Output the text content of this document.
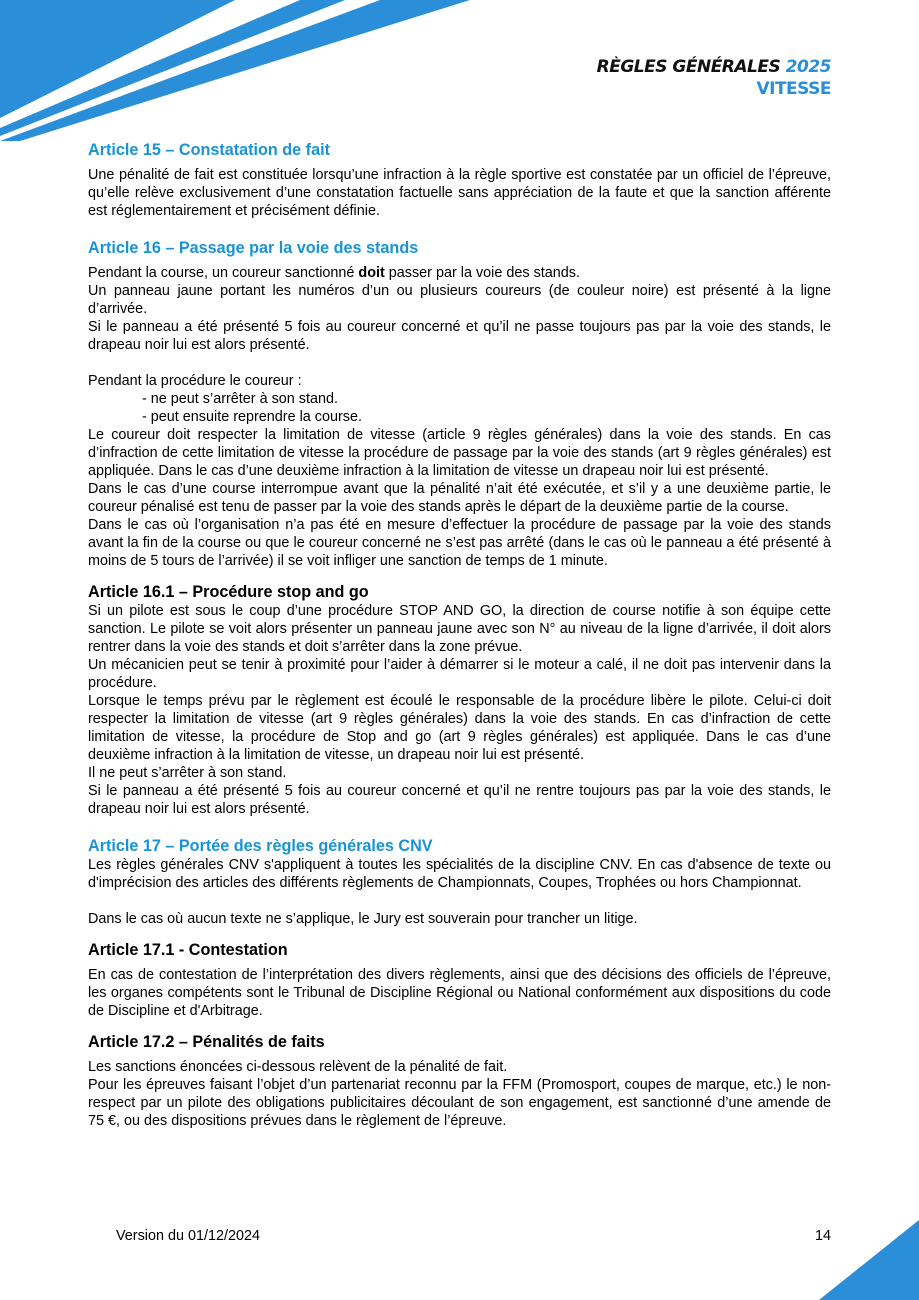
RÈGLES GÉNÉRALES 2025
VITESSE
Article 15 – Constatation de fait

Une pénalité de fait est constituée lorsqu’une infraction à la règle sportive est constatée par un officiel de l’épreuve, qu’elle relève exclusivement d’une constatation factuelle sans appréciation de la faute et que la sanction afférente est réglementairement et précisément définie.

Article 16 – Passage par la voie des stands

Pendant la course, un coureur sanctionné doit passer par la voie des stands.

Un panneau jaune portant les numéros d’un ou plusieurs coureurs (de couleur noire) est présenté à la ligne d’arrivée.

Si le panneau a été présenté 5 fois au coureur concerné et qu’il ne passe toujours pas par la voie des stands, le drapeau noir lui est alors présenté.

Pendant la procédure le coureur :

- ne peut s’arrêter à son stand.

- peut ensuite reprendre la course.

Le coureur doit respecter la limitation de vitesse (article 9 règles générales) dans la voie des stands. En cas d’infraction de cette limitation de vitesse la procédure de passage par la voie des stands (art 9 règles générales) est appliquée. Dans le cas d’une deuxième infraction à la limitation de vitesse un drapeau noir lui est présenté.

Dans le cas d’une course interrompue avant que la pénalité n’ait été exécutée, et s’il y a une deuxième partie, le coureur pénalisé est tenu de passer par la voie des stands après le départ de la deuxième partie de la course.

Dans le cas où l’organisation n’a pas été en mesure d’effectuer la procédure de passage par la voie des stands avant la fin de la course ou que le coureur concerné ne s’est pas arrêté (dans le cas où le panneau a été présenté à moins de 5 tours de l’arrivée) il se voit infliger une sanction de temps de 1 minute.

Article 16.1 – Procédure stop and go

Si un pilote est sous le coup d’une procédure STOP AND GO, la direction de course notifie à son équipe cette sanction. Le pilote se voit alors présenter un panneau jaune avec son N° au niveau de la ligne d’arrivée, il doit alors rentrer dans la voie des stands et doit s’arrêter dans la zone prévue.

Un mécanicien peut se tenir à proximité pour l’aider à démarrer si le moteur a calé, il ne doit pas intervenir dans la procédure.

Lorsque le temps prévu par le règlement est écoulé le responsable de la procédure libère le pilote. Celui-ci doit respecter la limitation de vitesse (art 9 règles générales) dans la voie des stands. En cas d’infraction de cette limitation de vitesse, la procédure de Stop and go (art 9 règles générales) est appliquée. Dans le cas d’une deuxième infraction à la limitation de vitesse, un drapeau noir lui est présenté.

Il ne peut s’arrêter à son stand.

Si le panneau a été présenté 5 fois au coureur concerné et qu’il ne rentre toujours pas par la voie des stands, le drapeau noir lui est alors présenté.

Article 17 – Portée des règles générales CNV

Les règles générales CNV s'appliquent à toutes les spécialités de la discipline CNV. En cas d'absence de texte ou d'imprécision des articles des différents règlements de Championnats, Coupes, Trophées ou hors Championnat.

Dans le cas où aucun texte ne s’applique, le Jury est souverain pour trancher un litige.

Article 17.1 - Contestation

En cas de contestation de l’interprétation des divers règlements, ainsi que des décisions des officiels de l’épreuve, les organes compétents sont le Tribunal de Discipline Régional ou National conformément aux dispositions du code de Discipline et d'Arbitrage.

Article 17.2 – Pénalités de faits

Les sanctions énoncées ci-dessous relèvent de la pénalité de fait.

Pour les épreuves faisant l’objet d’un partenariat reconnu par la FFM (Promosport, coupes de marque, etc.) le non-respect par un pilote des obligations publicitaires découlant de son engagement, est sanctionné d’une amende de 75 €, ou des dispositions prévues dans le règlement de l’épreuve.

Version du 01/12/2024	14
